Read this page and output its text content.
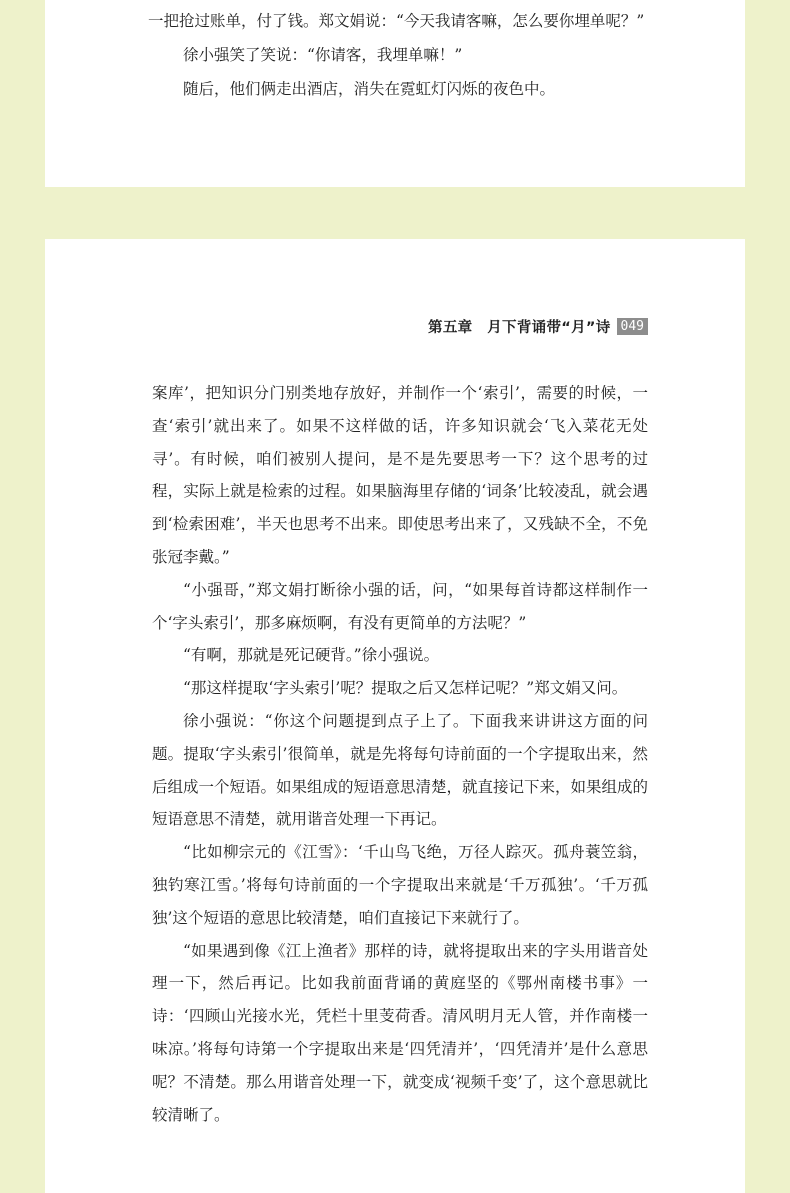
一把抢过账单，付了钱。郑文娟说：“今天我请客嘛，怎么要你埋单呢？”

徐小强笑了笑说：“你请客，我埋单嘛！”

随后，他们俩走出酒店，消失在霓虹灯闪烁的夜色中。

第五章　月下背诵带“月”诗 049

案库’，把知识分门别类地存放好，并制作一个‘索引’，需要的时候，一查‘索引’就出来了。如果不这样做的话，许多知识就会‘飞入菜花无处寻’。有时候，咱们被别人提问，是不是先要思考一下？这个思考的过程，实际上就是检索的过程。如果脑海里存储的‘词条’比较凌乱，就会遇到‘检索困难’，半天也思考不出来。即使思考出来了，又残缺不全，不免张冠李戴。”

“小强哥，”郑文娟打断徐小强的话，问，“如果每首诗都这样制作一个‘字头索引’，那多麻烦啊，有没有更简单的方法呢？”

“有啊，那就是死记硬背。”徐小强说。

“那这样提取‘字头索引’呢？提取之后又怎样记呢？”郑文娟又问。

徐小强说：“你这个问题提到点子上了。下面我来讲讲这方面的问题。提取‘字头索引’很简单，就是先将每句诗前面的一个字提取出来，然后组成一个短语。如果组成的短语意思清楚，就直接记下来，如果组成的短语意思不清楚，就用谐音处理一下再记。

“比如柳宗元的《江雪》：‘千山鸟飞绝，万径人踪灭。孤舟蓑笠翁，独钓寒江雪。’将每句诗前面的一个字提取出来就是‘千万孤独’。‘千万孤独’这个短语的意思比较清楚，咱们直接记下来就行了。

“如果遇到像《江上渔者》那样的诗，就将提取出来的字头用谐音处理一下，然后再记。比如我前面背诵的黄庭坚的《鄂州南楼书事》一诗：‘四顾山光接水光，凭栏十里芰荷香。清风明月无人管，并作南楼一味凉。’将每句诗第一个字提取出来是‘四凭清并’，‘四凭清并’是什么意思呢？不清楚。那么用谐音处理一下，就变成‘视频千变’了，这个意思就比较清晰了。
